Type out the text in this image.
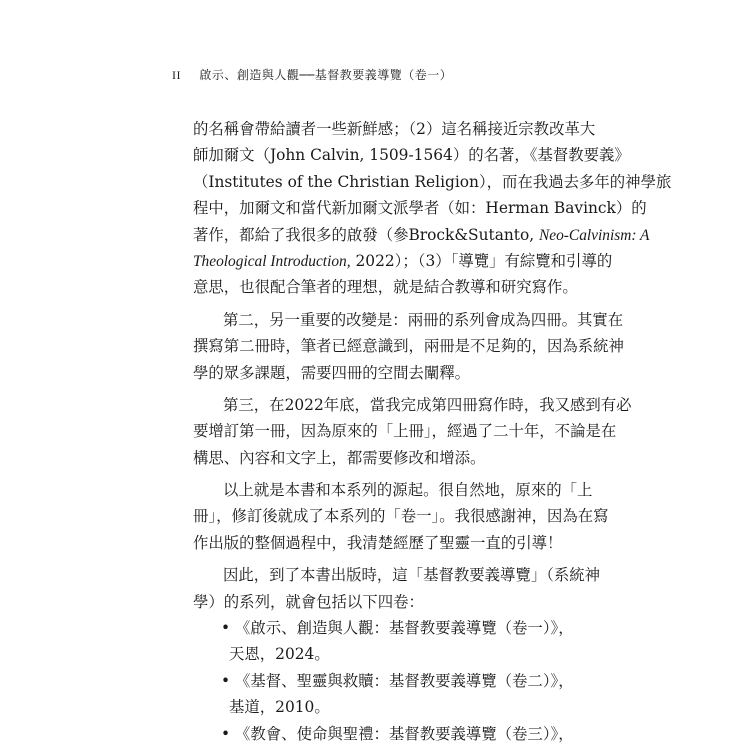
II 啟示、創造與人觀──基督教要義導覽（卷一）
的名稱會帶給讀者一些新鮮感；（2）這名稱接近宗教改革大
師加爾文（John Calvin, 1509-1564）的名著，《基督教要義》
（Institutes of the Christian Religion），而在我過去多年的神學旅
程中，加爾文和當代新加爾文派學者（如：Herman Bavinck）的
著作，都給了我很多的啟發（參Brock&Sutanto, Neo-Calvinism: A
Theological Introduction, 2022）；（3）「導覽」有綜覽和引導的
意思，也很配合筆者的理想，就是結合教導和研究寫作。
第二，另一重要的改變是：兩冊的系列會成為四冊。其實在
撰寫第二冊時，筆者已經意識到，兩冊是不足夠的，因為系統神
學的眾多課題，需要四冊的空間去闡釋。
第三，在2022年底，當我完成第四冊寫作時，我又感到有必
要增訂第一冊，因為原來的「上冊」，經過了二十年，不論是在
構思、內容和文字上，都需要修改和增添。
以上就是本書和本系列的源起。很自然地，原來的「上
冊」，修訂後就成了本系列的「卷一」。我很感謝神，因為在寫
作出版的整個過程中，我清楚經歷了聖靈一直的引導！
因此，到了本書出版時，這「基督教要義導覽」（系統神
學）的系列，就會包括以下四卷：
• 《啟示、創造與人觀：基督教要義導覽（卷一）》，
天恩，2024。
• 《基督、聖靈與救贖：基督教要義導覽（卷二）》，
基道，2010。
• 《教會、使命與聖禮：基督教要義導覽（卷三）》，
